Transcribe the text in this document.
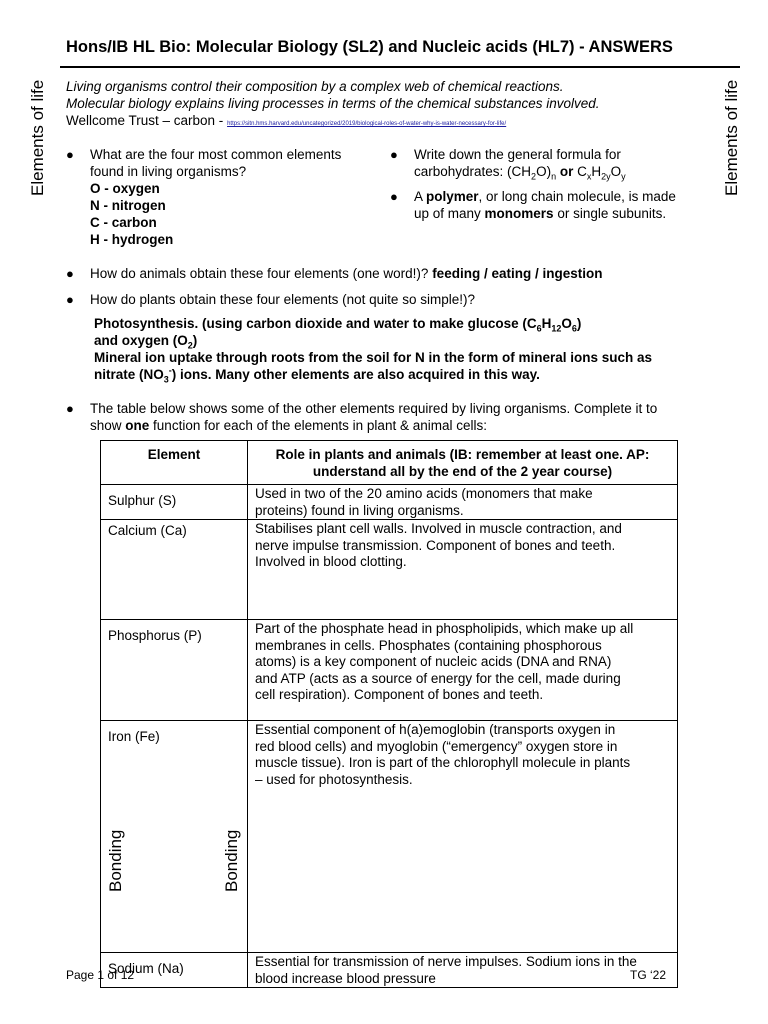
Hons/IB HL Bio: Molecular Biology (SL2) and Nucleic acids (HL7) - ANSWERS
Elements of life	Elements of life
Living organisms control their composition by a complex web of chemical reactions.
Molecular biology explains living processes in terms of the chemical substances involved.
Wellcome Trust – carbon - https://sitn.hms.harvard.edu/uncategorized/2019/biological-roles-of-water-why-is-water-necessary-for-life/
● What are the four most common elements found in living organisms?
O - oxygen
N - nitrogen
C - carbon
H - hydrogen
● Write down the general formula for carbohydrates: $(CH_2O)_n$ or $C_xH_{2y}O_y$
● A polymer, or long chain molecule, is made up of many monomers or single subunits.
● How do animals obtain these four elements (one word!)? feeding / eating / ingestion
● How do plants obtain these four elements (not quite so simple!)?
Photosynthesis. (using carbon dioxide and water to make glucose $(C_6H_{12}O_6)$
and oxygen $(O_2)$
Mineral ion uptake through roots from the soil for N in the form of mineral ions such as nitrate $(NO_3^-)$ ions. Many other elements are also acquired in this way.
● The table below shows some of the other elements required by living organisms. Complete it to show one function for each of the elements in plant & animal cells:
Element	Role in plants and animals (IB: remember at least one. AP: understand all by the end of the 2 year course)

Sulphur (S)	Used in two of the 20 amino acids (monomers that make proteins) found in living organisms.

Calcium (Ca)	Stabilises plant cell walls. Involved in muscle contraction, and nerve impulse transmission. Component of bones and teeth. Involved in blood clotting.

Phosphorus (P)	Part of the phosphate head in phospholipids, which make up all membranes in cells. Phosphates (containing phosphorous atoms) is a key component of nucleic acids (DNA and RNA) and ATP (acts as a source of energy for the cell, made during cell respiration). Component of bones and teeth.

Iron (Fe)	Essential component of h(a)emoglobin (transports oxygen in red blood cells) and myoglobin (“emergency” oxygen store in muscle tissue). Iron is part of the chlorophyll molecule in plants – used for photosynthesis.

Sodium (Na)	Essential for transmission of nerve impulses. Sodium ions in the blood increase blood pressure
Bonding	Bonding
Page 1 of 12	TG ‘22
